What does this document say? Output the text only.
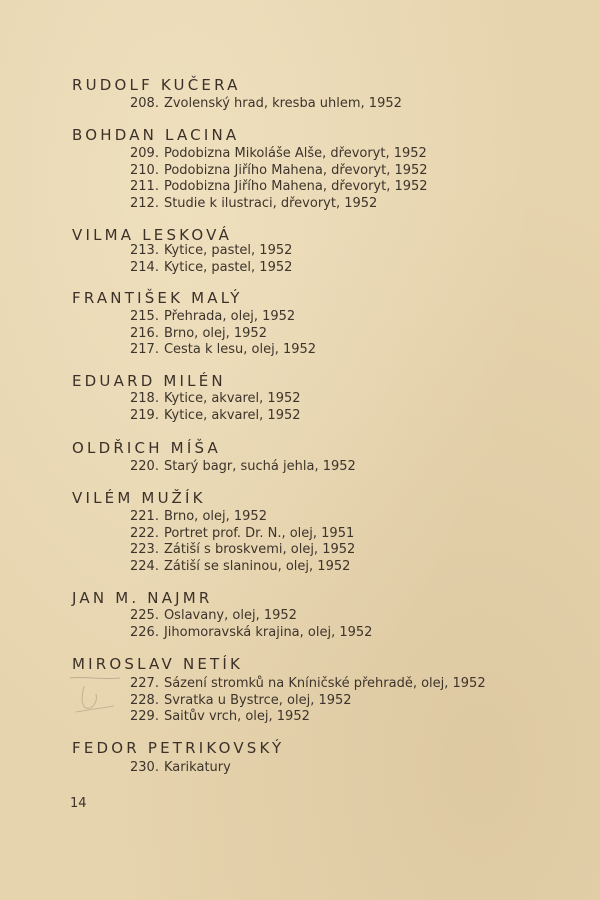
RUDOLF KUČERA
208. Zvolenský hrad, kresba uhlem, 1952
BOHDAN LACINA
209. Podobizna Mikoláše Alše, dřevoryt, 1952
210. Podobizna Jiřího Mahena, dřevoryt, 1952
211. Podobizna Jiřího Mahena, dřevoryt, 1952
212. Studie k ilustraci, dřevoryt, 1952
VILMA LESKOVÁ
213. Kytice, pastel, 1952
214. Kytice, pastel, 1952
FRANTIŠEK MALÝ
215. Přehrada, olej, 1952
216. Brno, olej, 1952
217. Cesta k lesu, olej, 1952
EDUARD MILÉN
218. Kytice, akvarel, 1952
219. Kytice, akvarel, 1952
OLDŘICH MÍŠA
220. Starý bagr, suchá jehla, 1952
VILÉM MUŽÍK
221. Brno, olej, 1952
222. Portret prof. Dr. N., olej, 1951
223. Zátiší s broskvemi, olej, 1952
224. Zátiší se slaninou, olej, 1952
JAN M. NAJMR
225. Oslavany, olej, 1952
226. Jihomoravská krajina, olej, 1952
MIROSLAV NETÍK
227. Sázení stromků na Kníničské přehradě, olej, 1952
228. Svratka u Bystrce, olej, 1952
229. Saitův vrch, olej, 1952
FEDOR PETRIKOVSKÝ
230. Karikatury
14
